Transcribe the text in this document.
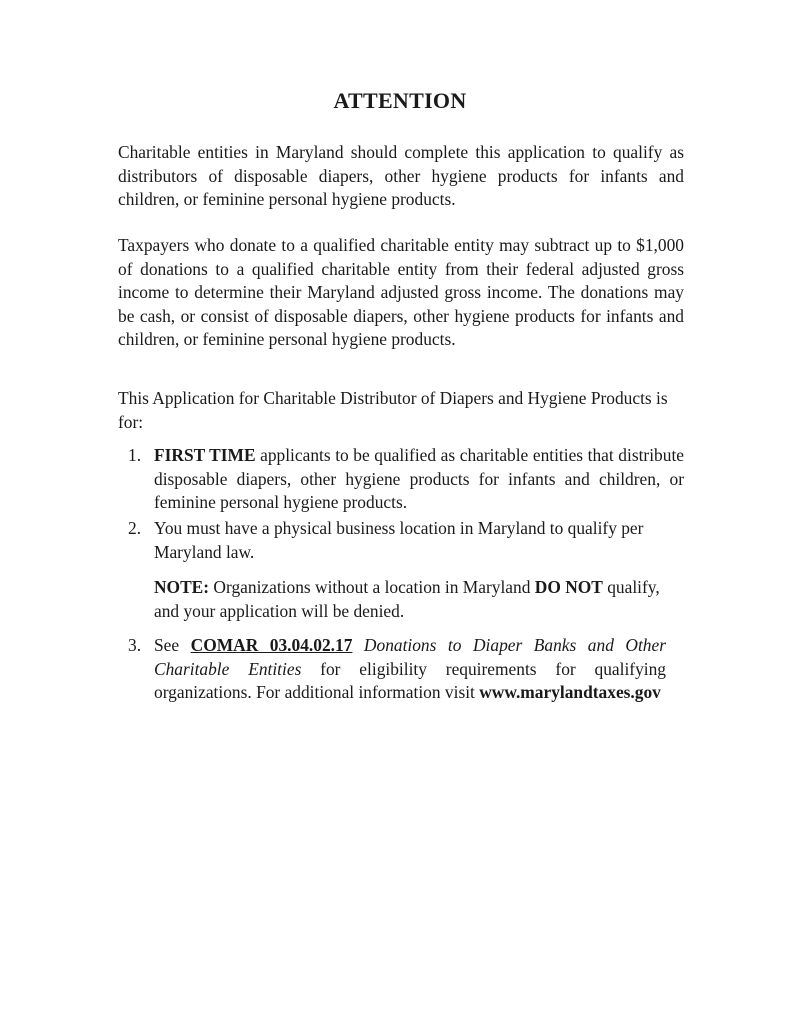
ATTENTION
Charitable entities in Maryland should complete this application to qualify as distributors of disposable diapers, other hygiene products for infants and children, or feminine personal hygiene products.
Taxpayers who donate to a qualified charitable entity may subtract up to $1,000 of donations to a qualified charitable entity from their federal adjusted gross income to determine their Maryland adjusted gross income. The donations may be cash, or consist of disposable diapers, other hygiene products for infants and children, or feminine personal hygiene products.
This Application for Charitable Distributor of Diapers and Hygiene Products is for:
1. FIRST TIME applicants to be qualified as charitable entities that distribute disposable diapers, other hygiene products for infants and children, or feminine personal hygiene products.
2. You must have a physical business location in Maryland to qualify per Maryland law.
NOTE: Organizations without a location in Maryland DO NOT qualify, and your application will be denied.
3. See COMAR 03.04.02.17 Donations to Diaper Banks and Other Charitable Entities for eligibility requirements for qualifying organizations. For additional information visit www.marylandtaxes.gov
